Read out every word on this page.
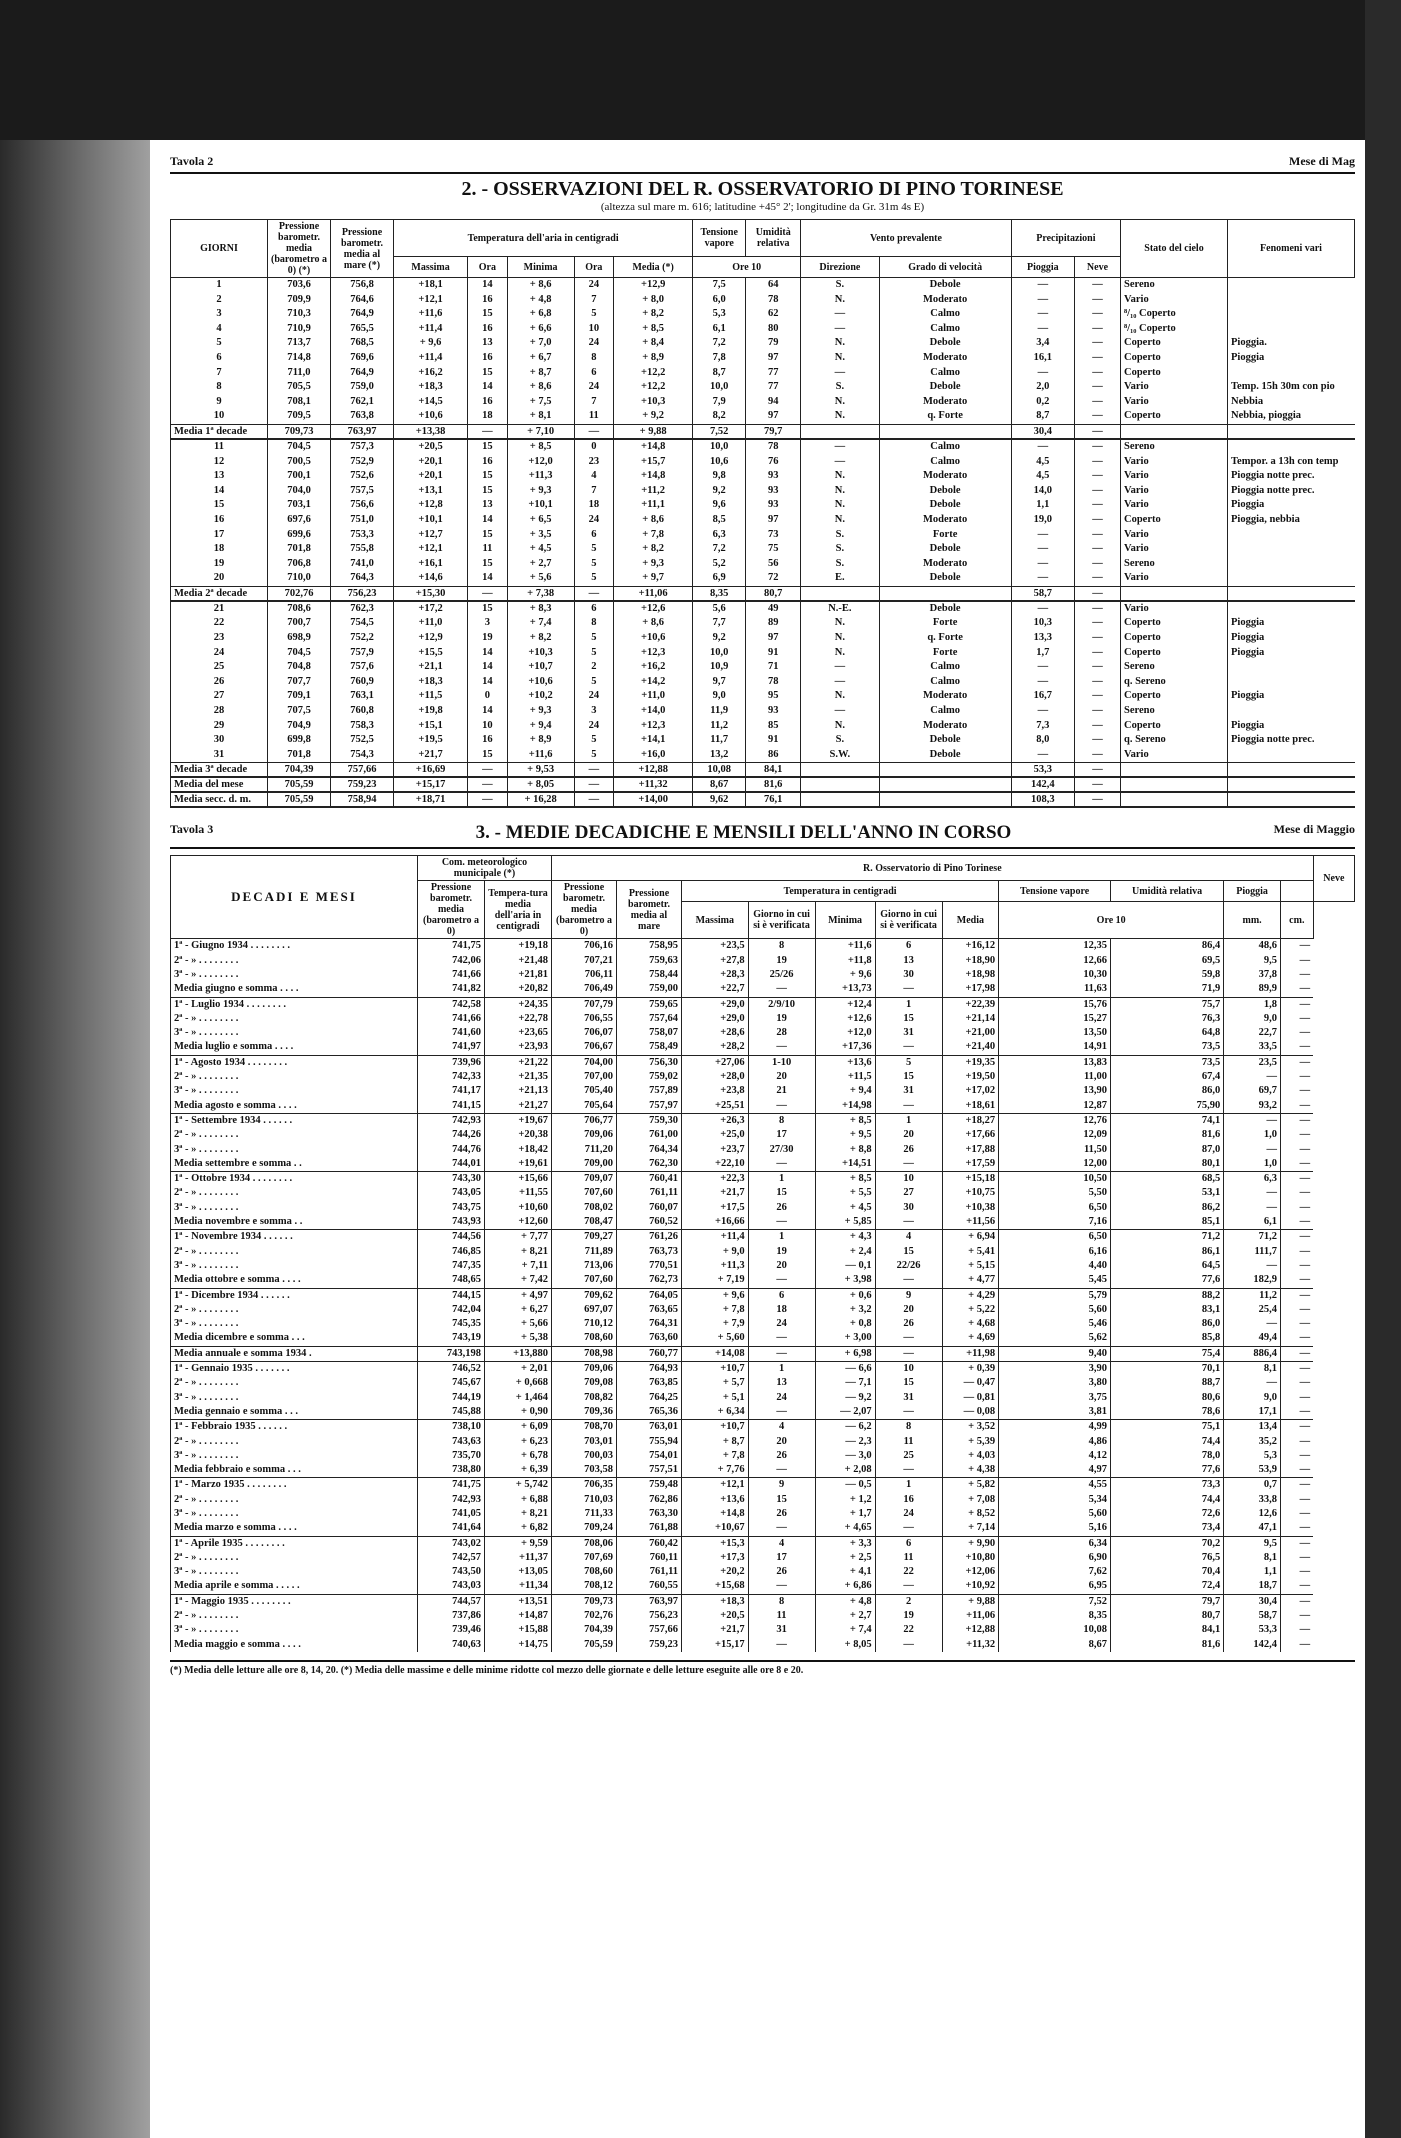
Tavola 2	Mese di Mag
2. - OSSERVAZIONI DEL R. OSSERVATORIO DI PINO TORINESE
(altezza sul mare m. 616; latitudine +45° 2'; longitudine da Gr. 31m 4s E)
GIORNI	Pressione barometr. media (barometro a 0) (*)	Pressione barometr. media al mare (*)	Temperatura dell'aria in centigradi					Tensione vapore	Umidità relativa	Vento prevalente		Precipitazioni		Stato del cielo	Fenomeni vari
			Massima	Ora	Minima	Ora	Media (*)	Ore 10		Direzione	Grado di velocità	Pioggia	Neve		
1	703,6	756,8	+18,1	14	+ 8,6	24	+12,9	7,5	64	S.	Debole	—	—	Sereno	
2	709,9	764,6	+12,1	16	+ 4,8	7	+ 8,0	6,0	78	N.	Moderato	—	—	Vario	
3	710,3	764,9	+11,6	15	+ 6,8	5	+ 8,2	5,3	62	—	Calmo	—	—	⁸/₁₀ Coperto	
4	710,9	765,5	+11,4	16	+ 6,6	10	+ 8,5	6,1	80	—	Calmo	—	—	⁸/₁₀ Coperto	
5	713,7	768,5	+ 9,6	13	+ 7,0	24	+ 8,4	7,2	79	N.	Debole	3,4	—	Coperto	Pioggia.
6	714,8	769,6	+11,4	16	+ 6,7	8	+ 8,9	7,8	97	N.	Moderato	16,1	—	Coperto	Pioggia
7	711,0	764,9	+16,2	15	+ 8,7	6	+12,2	8,7	77	—	Calmo	—	—	Coperto	
8	705,5	759,0	+18,3	14	+ 8,6	24	+12,2	10,0	77	S.	Debole	2,0	—	Vario	Temp. 15h 30m con pio
9	708,1	762,1	+14,5	16	+ 7,5	7	+10,3	7,9	94	N.	Moderato	0,2	—	Vario	Nebbia
10	709,5	763,8	+10,6	18	+ 8,1	11	+ 9,2	8,2	97	N.	q. Forte	8,7	—	Coperto	Nebbia, pioggia
Media 1ª decade	709,73	763,97	+13,38	—	+ 7,10	—	+ 9,88	7,52	79,7			30,4	—		
11	704,5	757,3	+20,5	15	+ 8,5	0	+14,8	10,0	78	—	Calmo	—	—	Sereno	
12	700,5	752,9	+20,1	16	+12,0	23	+15,7	10,6	76	—	Calmo	4,5	—	Vario	Tempor. a 13h con temp
13	700,1	752,6	+20,1	15	+11,3	4	+14,8	9,8	93	N.	Moderato	4,5	—	Vario	Pioggia notte prec.
14	704,0	757,5	+13,1	15	+ 9,3	7	+11,2	9,2	93	N.	Debole	14,0	—	Vario	Pioggia notte prec.
15	703,1	756,6	+12,8	13	+10,1	18	+11,1	9,6	93	N.	Debole	1,1	—	Vario	Pioggia
16	697,6	751,0	+10,1	14	+ 6,5	24	+ 8,6	8,5	97	N.	Moderato	19,0	—	Coperto	Pioggia, nebbia
17	699,6	753,3	+12,7	15	+ 3,5	6	+ 7,8	6,3	73	S.	Forte	—	—	Vario	
18	701,8	755,8	+12,1	11	+ 4,5	5	+ 8,2	7,2	75	S.	Debole	—	—	Vario	
19	706,8	741,0	+16,1	15	+ 2,7	5	+ 9,3	5,2	56	S.	Moderato	—	—	Sereno	
20	710,0	764,3	+14,6	14	+ 5,6	5	+ 9,7	6,9	72	E.	Debole	—	—	Vario	
Media 2ª decade	702,76	756,23	+15,30	—	+ 7,38	—	+11,06	8,35	80,7			58,7	—		
21	708,6	762,3	+17,2	15	+ 8,3	6	+12,6	5,6	49	N.-E.	Debole	—	—	Vario	
22	700,7	754,5	+11,0	3	+ 7,4	8	+ 8,6	7,7	89	N.	Forte	10,3	—	Coperto	Pioggia
23	698,9	752,2	+12,9	19	+ 8,2	5	+10,6	9,2	97	N.	q. Forte	13,3	—	Coperto	Pioggia
24	704,5	757,9	+15,5	14	+10,3	5	+12,3	10,0	91	N.	Forte	1,7	—	Coperto	Pioggia
25	704,8	757,6	+21,1	14	+10,7	2	+16,2	10,9	71	—	Calmo	—	—	Sereno	
26	707,7	760,9	+18,3	14	+10,6	5	+14,2	9,7	78	—	Calmo	—	—	q. Sereno	
27	709,1	763,1	+11,5	0	+10,2	24	+11,0	9,0	95	N.	Moderato	16,7	—	Coperto	Pioggia
28	707,5	760,8	+19,8	14	+ 9,3	3	+14,0	11,9	93	—	Calmo	—	—	Sereno	
29	704,9	758,3	+15,1	10	+ 9,4	24	+12,3	11,2	85	N.	Moderato	7,3	—	Coperto	Pioggia
30	699,8	752,5	+19,5	16	+ 8,9	5	+14,1	11,7	91	S.	Debole	8,0	—	q. Sereno	Pioggia notte prec.
31	701,8	754,3	+21,7	15	+11,6	5	+16,0	13,2	86	S.W.	Debole	—	—	Vario	
Media 3ª decade	704,39	757,66	+16,69	—	+ 9,53	—	+12,88	10,08	84,1			53,3	—		
Media del mese	705,59	759,23	+15,17	—	+ 8,05	—	+11,32	8,67	81,6			142,4	—		
Media secc. d. m.	705,59	758,94	+18,71	—	+ 16,28	—	+14,00	9,62	76,1			108,3	—		
Tavola 3	3. - MEDIE DECADICHE E MENSILI DELL'ANNO IN CORSO	Mese di Maggio
DECADI E MESI	Com. meteorologico municipale (*)		R. Osservatorio di Pino Torinese											Neve
	Pressione barometr. media (barometro a 0)	Tempera-tura media dell'aria in centigradi	Pressione barometr. media (barometro a 0)	Pressione barometr. media al mare	Temperatura in centigradi					Tensione vapore	Umidità relativa	Pioggia		
					Massima	Giorno in cui si è verificata	Minima	Giorno in cui si è verificata	Media	Ore 10		mm.	cm.	
1ª - Giugno 1934 . . . . . . . .	741,75	+19,18	706,16	758,95	+23,5	8	+11,6	6	+16,12	12,35	86,4	48,6	—	
2ª - » . . . . . . . .	742,06	+21,48	707,21	759,63	+27,8	19	+11,8	13	+18,90	12,66	69,5	9,5	—	
3ª - » . . . . . . . .	741,66	+21,81	706,11	758,44	+28,3	25/26	+ 9,6	30	+18,98	10,30	59,8	37,8	—	
Media giugno e somma . . . .	741,82	+20,82	706,49	759,00	+22,7	—	+13,73	—	+17,98	11,63	71,9	89,9	—	
1ª - Luglio 1934 . . . . . . . .	742,58	+24,35	707,79	759,65	+29,0	2/9/10	+12,4	1	+22,39	15,76	75,7	1,8	—	
2ª - » . . . . . . . .	741,66	+22,78	706,55	757,64	+29,0	19	+12,6	15	+21,14	15,27	76,3	9,0	—	
3ª - » . . . . . . . .	741,60	+23,65	706,07	758,07	+28,6	28	+12,0	31	+21,00	13,50	64,8	22,7	—	
Media luglio e somma . . . .	741,97	+23,93	706,67	758,49	+28,2	—	+17,36	—	+21,40	14,91	73,5	33,5	—	
1ª - Agosto 1934 . . . . . . . .	739,96	+21,22	704,00	756,30	+27,06	1-10	+13,6	5	+19,35	13,83	73,5	23,5	—	
2ª - » . . . . . . . .	742,33	+21,35	707,00	759,02	+28,0	20	+11,5	15	+19,50	11,00	67,4	—	—	
3ª - » . . . . . . . .	741,17	+21,13	705,40	757,89	+23,8	21	+ 9,4	31	+17,02	13,90	86,0	69,7	—	
Media agosto e somma . . . .	741,15	+21,27	705,64	757,97	+25,51	—	+14,98	—	+18,61	12,87	75,90	93,2	—	
1ª - Settembre 1934 . . . . . .	742,93	+19,67	706,77	759,30	+26,3	8	+ 8,5	1	+18,27	12,76	74,1	—	—	
2ª - » . . . . . . . .	744,26	+20,38	709,06	761,00	+25,0	17	+ 9,5	20	+17,66	12,09	81,6	1,0	—	
3ª - » . . . . . . . .	744,76	+18,42	711,20	764,34	+23,7	27/30	+ 8,8	26	+17,88	11,50	87,0	—	—	
Media settembre e somma . .	744,01	+19,61	709,00	762,30	+22,10	—	+14,51	—	+17,59	12,00	80,1	1,0	—	
1ª - Ottobre 1934 . . . . . . . .	743,30	+15,66	709,07	760,41	+22,3	1	+ 8,5	10	+15,18	10,50	68,5	6,3	—	
2ª - » . . . . . . . .	743,05	+11,55	707,60	761,11	+21,7	15	+ 5,5	27	+10,75	5,50	53,1	—	—	
3ª - » . . . . . . . .	743,75	+10,60	708,02	760,07	+17,5	26	+ 4,5	30	+10,38	6,50	86,2	—	—	
Media novembre e somma . .	743,93	+12,60	708,47	760,52	+16,66	—	+ 5,85	—	+11,56	7,16	85,1	6,1	—	
1ª - Novembre 1934 . . . . . .	744,56	+ 7,77	709,27	761,26	+11,4	1	+ 4,3	4	+ 6,94	6,50	71,2	71,2	—	
2ª - » . . . . . . . .	746,85	+ 8,21	711,89	763,73	+ 9,0	19	+ 2,4	15	+ 5,41	6,16	86,1	111,7	—	
3ª - » . . . . . . . .	747,35	+ 7,11	713,06	770,51	+11,3	20	— 0,1	22/26	+ 5,15	4,40	64,5	—	—	
Media ottobre e somma . . . .	748,65	+ 7,42	707,60	762,73	+ 7,19	—	+ 3,98	—	+ 4,77	5,45	77,6	182,9	—	
1ª - Dicembre 1934 . . . . . .	744,15	+ 4,97	709,62	764,05	+ 9,6	6	+ 0,6	9	+ 4,29	5,79	88,2	11,2	—	
2ª - » . . . . . . . .	742,04	+ 6,27	697,07	763,65	+ 7,8	18	+ 3,2	20	+ 5,22	5,60	83,1	25,4	—	
3ª - » . . . . . . . .	745,35	+ 5,66	710,12	764,31	+ 7,9	24	+ 0,8	26	+ 4,68	5,46	86,0	—	—	
Media dicembre e somma . . .	743,19	+ 5,38	708,60	763,60	+ 5,60	—	+ 3,00	—	+ 4,69	5,62	85,8	49,4	—	
Media annuale e somma 1934 .	743,198	+13,880	708,98	760,77	+14,08	—	+ 6,98	—	+11,98	9,40	75,4	886,4	—	
1ª - Gennaio 1935 . . . . . . .	746,52	+ 2,01	709,06	764,93	+10,7	1	— 6,6	10	+ 0,39	3,90	70,1	8,1	—	
2ª - » . . . . . . . .	745,67	+ 0,668	709,08	763,85	+ 5,7	13	— 7,1	15	— 0,47	3,80	88,7	—	—	
3ª - » . . . . . . . .	744,19	+ 1,464	708,82	764,25	+ 5,1	24	— 9,2	31	— 0,81	3,75	80,6	9,0	—	
Media gennaio e somma . . .	745,88	+ 0,90	709,36	765,36	+ 6,34	—	— 2,07	—	— 0,08	3,81	78,6	17,1	—	
1ª - Febbraio 1935 . . . . . .	738,10	+ 6,09	708,70	763,01	+10,7	4	— 6,2	8	+ 3,52	4,99	75,1	13,4	—	
2ª - » . . . . . . . .	743,63	+ 6,23	703,01	755,94	+ 8,7	20	— 2,3	11	+ 5,39	4,86	74,4	35,2	—	
3ª - » . . . . . . . .	735,70	+ 6,78	700,03	754,01	+ 7,8	26	— 3,0	25	+ 4,03	4,12	78,0	5,3	—	
Media febbraio e somma . . .	738,80	+ 6,39	703,58	757,51	+ 7,76	—	+ 2,08	—	+ 4,38	4,97	77,6	53,9	—	
1ª - Marzo 1935 . . . . . . . .	741,75	+ 5,742	706,35	759,48	+12,1	9	— 0,5	1	+ 5,82	4,55	73,3	0,7	—	
2ª - » . . . . . . . .	742,93	+ 6,88	710,03	762,86	+13,6	15	+ 1,2	16	+ 7,08	5,34	74,4	33,8	—	
3ª - » . . . . . . . .	741,05	+ 8,21	711,33	763,30	+14,8	26	+ 1,7	24	+ 8,52	5,60	72,6	12,6	—	
Media marzo e somma . . . .	741,64	+ 6,82	709,24	761,88	+10,67	—	+ 4,65	—	+ 7,14	5,16	73,4	47,1	—	
1ª - Aprile 1935 . . . . . . . .	743,02	+ 9,59	708,06	760,42	+15,3	4	+ 3,3	6	+ 9,90	6,34	70,2	9,5	—	
2ª - » . . . . . . . .	742,57	+11,37	707,69	760,11	+17,3	17	+ 2,5	11	+10,80	6,90	76,5	8,1	—	
3ª - » . . . . . . . .	743,50	+13,05	708,60	761,11	+20,2	26	+ 4,1	22	+12,06	7,62	70,4	1,1	—	
Media aprile e somma . . . . .	743,03	+11,34	708,12	760,55	+15,68	—	+ 6,86	—	+10,92	6,95	72,4	18,7	—	
1ª - Maggio 1935 . . . . . . . .	744,57	+13,51	709,73	763,97	+18,3	8	+ 4,8	2	+ 9,88	7,52	79,7	30,4	—	
2ª - » . . . . . . . .	737,86	+14,87	702,76	756,23	+20,5	11	+ 2,7	19	+11,06	8,35	80,7	58,7	—	
3ª - » . . . . . . . .	739,46	+15,88	704,39	757,66	+21,7	31	+ 7,4	22	+12,88	10,08	84,1	53,3	—	
Media maggio e somma . . . .	740,63	+14,75	705,59	759,23	+15,17	—	+ 8,05	—	+11,32	8,67	81,6	142,4	—	
(*) Media delle letture alle ore 8, 14, 20. (*) Media delle massime e delle minime ridotte col mezzo delle giornate e delle letture eseguite alle ore 8 e 20.
